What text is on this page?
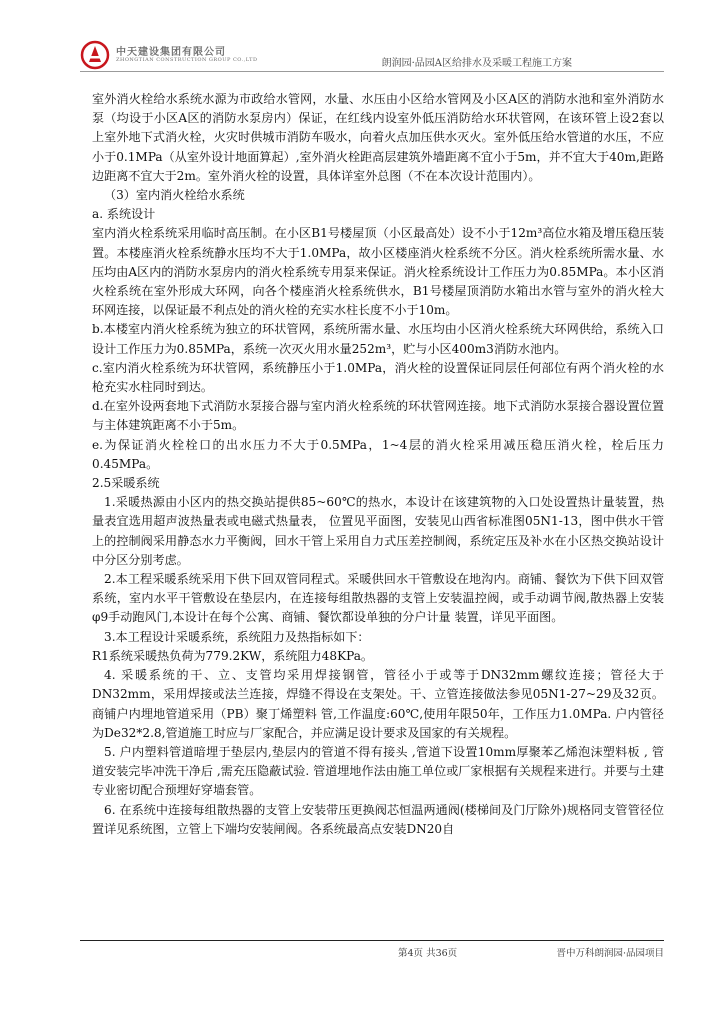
中天建设集团有限公司
ZHONGTIAN CONSTRUCTION GROUP CO.,LTD	朗润园·品园A区给排水及采暖工程施工方案

室外消火栓给水系统水源为市政给水管网，水量、水压由小区给水管网及小区A区的消防水池和室外消防水泵（均设于小区A区的消防水泵房内）保证，在红线内设室外低压消防给水环状管网，在该环管上设2套以上室外地下式消火栓，火灾时供城市消防车吸水，向着火点加压供水灭火。室外低压给水管道的水压，不应小于0.1MPa（从室外设计地面算起）,室外消火栓距高层建筑外墙距离不宜小于5m，并不宜大于40m,距路边距离不宜大于2m。室外消火栓的设置，具体详室外总图（不在本次设计范围内）。

（3）室内消火栓给水系统

a. 系统设计

室内消火栓系统采用临时高压制。在小区B1号楼屋顶（小区最高处）设不小于12m³高位水箱及增压稳压装置。本楼座消火栓系统静水压均不大于1.0MPa，故小区楼座消火栓系统不分区。消火栓系统所需水量、水压均由A区内的消防水泵房内的消火栓系统专用泵来保证。消火栓系统设计工作压力为0.85MPa。本小区消火栓系统在室外形成大环网，向各个楼座消火栓系统供水，B1号楼屋顶消防水箱出水管与室外的消火栓大环网连接，以保证最不利点处的消火栓的充实水柱长度不小于10m。

b.本楼室内消火栓系统为独立的环状管网，系统所需水量、水压均由小区消火栓系统大环网供给，系统入口设计工作压力为0.85MPa，系统一次灭火用水量252m³，贮与小区400m3消防水池内。

c.室内消火栓系统为环状管网，系统静压小于1.0MPa，消火栓的设置保证同层任何部位有两个消火栓的水枪充实水柱同时到达。

d.在室外设两套地下式消防水泵接合器与室内消火栓系统的环状管网连接。地下式消防水泵接合器设置位置与主体建筑距离不小于5m。

e.为保证消火栓栓口的出水压力不大于0.5MPa，1~4层的消火栓采用减压稳压消火栓，栓后压力0.45MPa。

2.5采暖系统

1.采暖热源由小区内的热交换站提供85~60℃的热水，本设计在该建筑物的入口处设置热计量装置，热量表宜选用超声波热量表或电磁式热量表， 位置见平面图，安装见山西省标准图05N1-13，图中供水干管上的控制阀采用静态水力平衡阀，回水干管上采用自力式压差控制阀，系统定压及补水在小区热交换站设计中分区分别考虑。

2.本工程采暖系统采用下供下回双管同程式。采暖供回水干管敷设在地沟内。商铺、餐饮为下供下回双管系统，室内水平干管敷设在垫层内，在连接每组散热器的支管上安装温控阀，或手动调节阀,散热器上安装φ9手动跑风门,本设计在每个公寓、商铺、餐饮都设单独的分户计量 装置，详见平面图。

3.本工程设计采暖系统，系统阻力及热指标如下：

R1系统采暖热负荷为779.2KW，系统阻力48KPa。

4. 采暖系统的干、立、支管均采用焊接钢管，管径小于或等于DN32mm螺纹连接；管径大于DN32mm，采用焊接或法兰连接，焊缝不得设在支架处。干、立管连接做法参见05N1-27~29及32页。商铺户内埋地管道采用（PB）聚丁烯塑料 管,工作温度:60℃,使用年限50年，工作压力1.0MPa. 户内管径为De32*2.8,管道施工时应与厂家配合，并应满足设计要求及国家的有关规程。

5. 户内塑料管道暗埋于垫层内,垫层内的管道不得有接头 ,管道下设置10mm厚聚苯乙烯泡沫塑料板 , 管道安装完毕冲洗干净后 ,需充压隐蔽试验. 管道埋地作法由施工单位或厂家根据有关规程来进行。并要与土建专业密切配合预埋好穿墙套管。

6. 在系统中连接每组散热器的支管上安装带压更换阀芯恒温两通阀(楼梯间及门厅除外)规格同支管管径位置详见系统图，立管上下端均安装闸阀。各系统最高点安装DN20自

第4页 共36页	晋中万科朗润园·品园项目
